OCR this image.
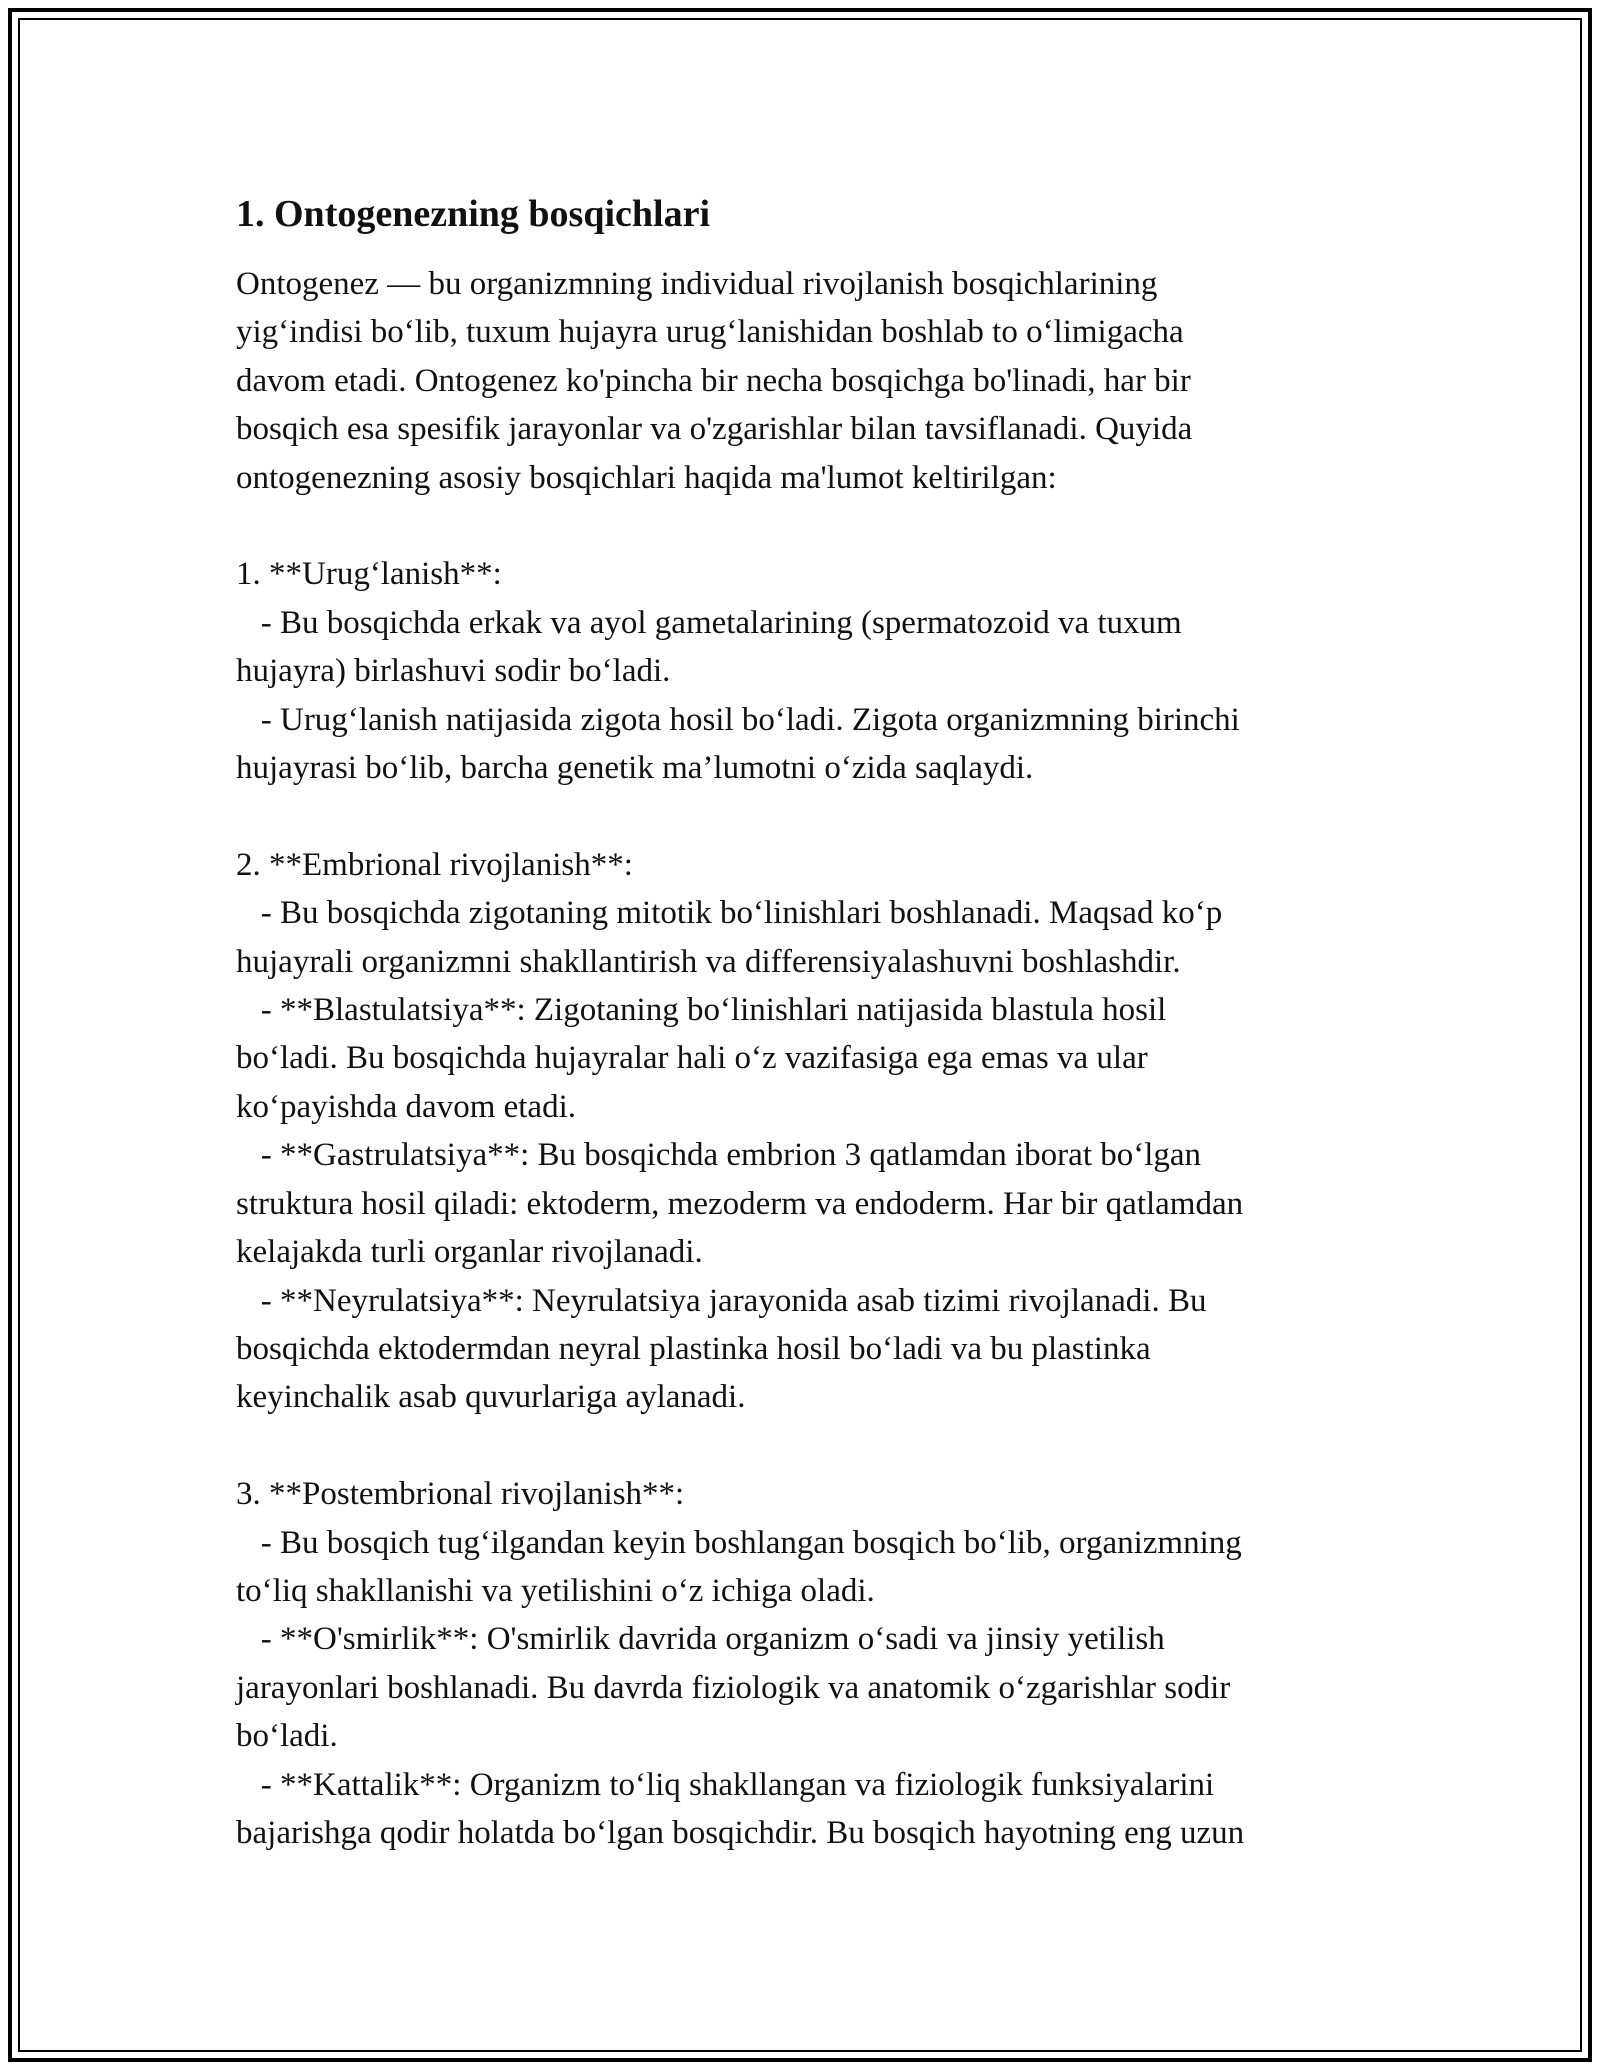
1. Ontogenezning bosqichlari

Ontogenez — bu organizmning individual rivojlanish bosqichlarining

yig‘indisi bo‘lib, tuxum hujayra urug‘lanishidan boshlab to o‘limigacha

davom etadi. Ontogenez ko'pincha bir necha bosqichga bo'linadi, har bir

bosqich esa spesifik jarayonlar va o'zgarishlar bilan tavsiflanadi. Quyida

ontogenezning asosiy bosqichlari haqida ma'lumot keltirilgan:

1. **Urug‘lanish**:

- Bu bosqichda erkak va ayol gametalarining (spermatozoid va tuxum

hujayra) birlashuvi sodir bo‘ladi.

- Urug‘lanish natijasida zigota hosil bo‘ladi. Zigota organizmning birinchi

hujayrasi bo‘lib, barcha genetik ma’lumotni o‘zida saqlaydi.

2. **Embrional rivojlanish**:

- Bu bosqichda zigotaning mitotik bo‘linishlari boshlanadi. Maqsad ko‘p

hujayrali organizmni shakllantirish va differensiyalashuvni boshlashdir.

- **Blastulatsiya**: Zigotaning bo‘linishlari natijasida blastula hosil

bo‘ladi. Bu bosqichda hujayralar hali o‘z vazifasiga ega emas va ular

ko‘payishda davom etadi.

- **Gastrulatsiya**: Bu bosqichda embrion 3 qatlamdan iborat bo‘lgan

struktura hosil qiladi: ektoderm, mezoderm va endoderm. Har bir qatlamdan

kelajakda turli organlar rivojlanadi.

- **Neyrulatsiya**: Neyrulatsiya jarayonida asab tizimi rivojlanadi. Bu

bosqichda ektodermdan neyral plastinka hosil bo‘ladi va bu plastinka

keyinchalik asab quvurlariga aylanadi.

3. **Postembrional rivojlanish**:

- Bu bosqich tug‘ilgandan keyin boshlangan bosqich bo‘lib, organizmning

to‘liq shakllanishi va yetilishini o‘z ichiga oladi.

- **O'smirlik**: O'smirlik davrida organizm o‘sadi va jinsiy yetilish

jarayonlari boshlanadi. Bu davrda fiziologik va anatomik o‘zgarishlar sodir

bo‘ladi.

- **Kattalik**: Organizm to‘liq shakllangan va fiziologik funksiyalarini

bajarishga qodir holatda bo‘lgan bosqichdir. Bu bosqich hayotning eng uzun
